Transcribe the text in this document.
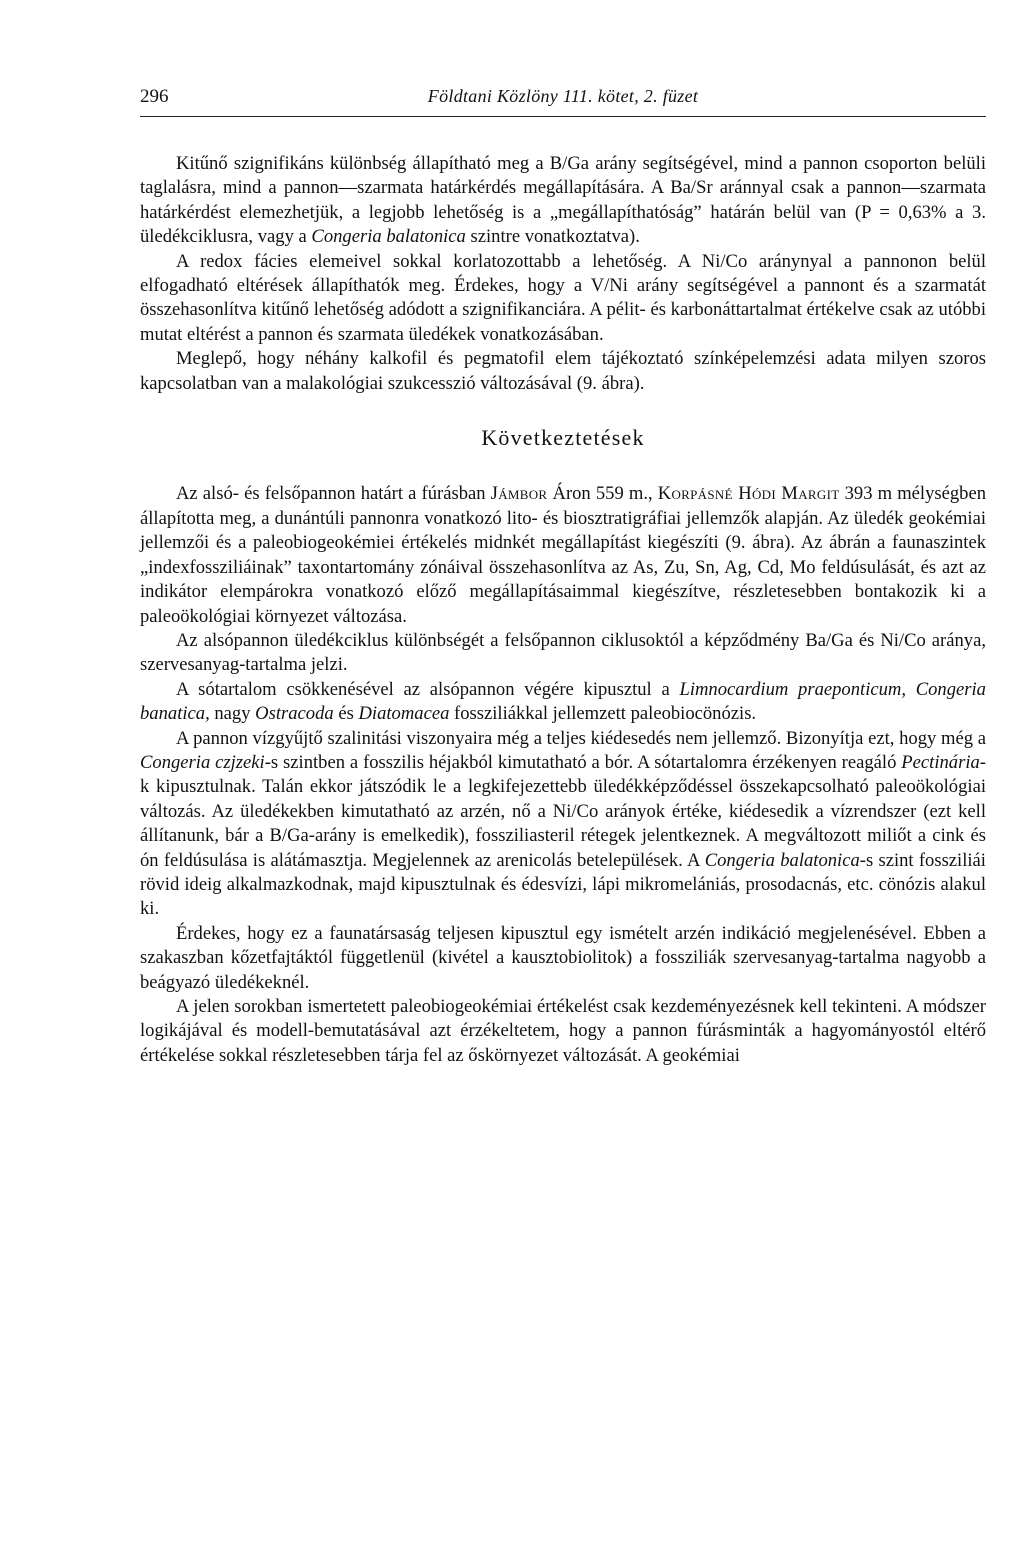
296	Földtani Közlöny 111. kötet, 2. füzet

Kitűnő szignifikáns különbség állapítható meg a B/Ga arány segítségével, mind a pannon csoporton belüli taglalásra, mind a pannon—szarmata határkérdés megállapítására. A Ba/Sr aránnyal csak a pannon—szarmata határkérdést elemezhetjük, a legjobb lehetőség is a „megállapíthatóság” határán belül van (P = 0,63% a 3. üledékciklusra, vagy a Congeria balatonica szintre vonatkoztatva).

A redox fácies elemeivel sokkal korlatozottabb a lehetőség. A Ni/Co aránynyal a pannonon belül elfogadható eltérések állapíthatók meg. Érdekes, hogy a V/Ni arány segítségével a pannont és a szarmatát összehasonlítva kitűnő lehetőség adódott a szignifikanciára. A pélit- és karbonáttartalmat értékelve csak az utóbbi mutat eltérést a pannon és szarmata üledékek vonatkozásában.

Meglepő, hogy néhány kalkofil és pegmatofil elem tájékoztató színképelemzési adata milyen szoros kapcsolatban van a malakológiai szukcesszió változásával (9. ábra).

Következtetések

Az alsó- és felsőpannon határt a fúrásban Jámbor Áron 559 m., Korpásné Hódi Margit 393 m mélységben állapította meg, a dunántúli pannonra vonatkozó lito- és biosztratigráfiai jellemzők alapján. Az üledék geokémiai jellemzői és a paleobiogeokémiei értékelés midnkét megállapítást kiegészíti (9. ábra). Az ábrán a faunaszintek „indexfossziliáinak” taxontartomány zónáival összehasonlítva az As, Zu, Sn, Ag, Cd, Mo feldúsulását, és azt az indikátor elempárokra vonatkozó előző megállapításaimmal kiegészítve, részletesebben bontakozik ki a paleoökológiai környezet változása.

Az alsópannon üledékciklus különbségét a felsőpannon ciklusoktól a képződmény Ba/Ga és Ni/Co aránya, szervesanyag-tartalma jelzi.

A sótartalom csökkenésével az alsópannon végére kipusztul a Limnocardium praeponticum, Congeria banatica, nagy Ostracoda és Diatomacea fossziliákkal jellemzett paleobiocönózis.

A pannon vízgyűjtő szalinitási viszonyaira még a teljes kiédesedés nem jellemző. Bizonyítja ezt, hogy még a Congeria czjzeki-s szintben a fosszilis héjakból kimutatható a bór. A sótartalomra érzékenyen reagáló Pectinária-k kipusztulnak. Talán ekkor játszódik le a legkifejezettebb üledékképződéssel összekapcsolható paleoökológiai változás. Az üledékekben kimutatható az arzén, nő a Ni/Co arányok értéke, kiédesedik a vízrendszer (ezt kell állítanunk, bár a B/Ga-arány is emelkedik), fossziliasteril rétegek jelentkeznek. A megváltozott miliőt a cink és ón feldúsulása is alátámasztja. Megjelennek az arenicolás betelepülések. A Congeria balatonica-s szint fossziliái rövid ideig alkalmazkodnak, majd kipusztulnak és édesvízi, lápi mikromelániás, prosodacnás, etc. cönózis alakul ki.

Érdekes, hogy ez a faunatársaság teljesen kipusztul egy ismételt arzén indikáció megjelenésével. Ebben a szakaszban kőzetfajtáktól függetlenül (kivétel a kausztobiolitok) a fossziliák szervesanyag-tartalma nagyobb a beágyazó üledékeknél.

A jelen sorokban ismertetett paleobiogeokémiai értékelést csak kezdeményezésnek kell tekinteni. A módszer logikájával és modell-bemutatásával azt érzékeltetem, hogy a pannon fúrásminták a hagyományostól eltérő értékelése sokkal részletesebben tárja fel az őskörnyezet változását. A geokémiai
